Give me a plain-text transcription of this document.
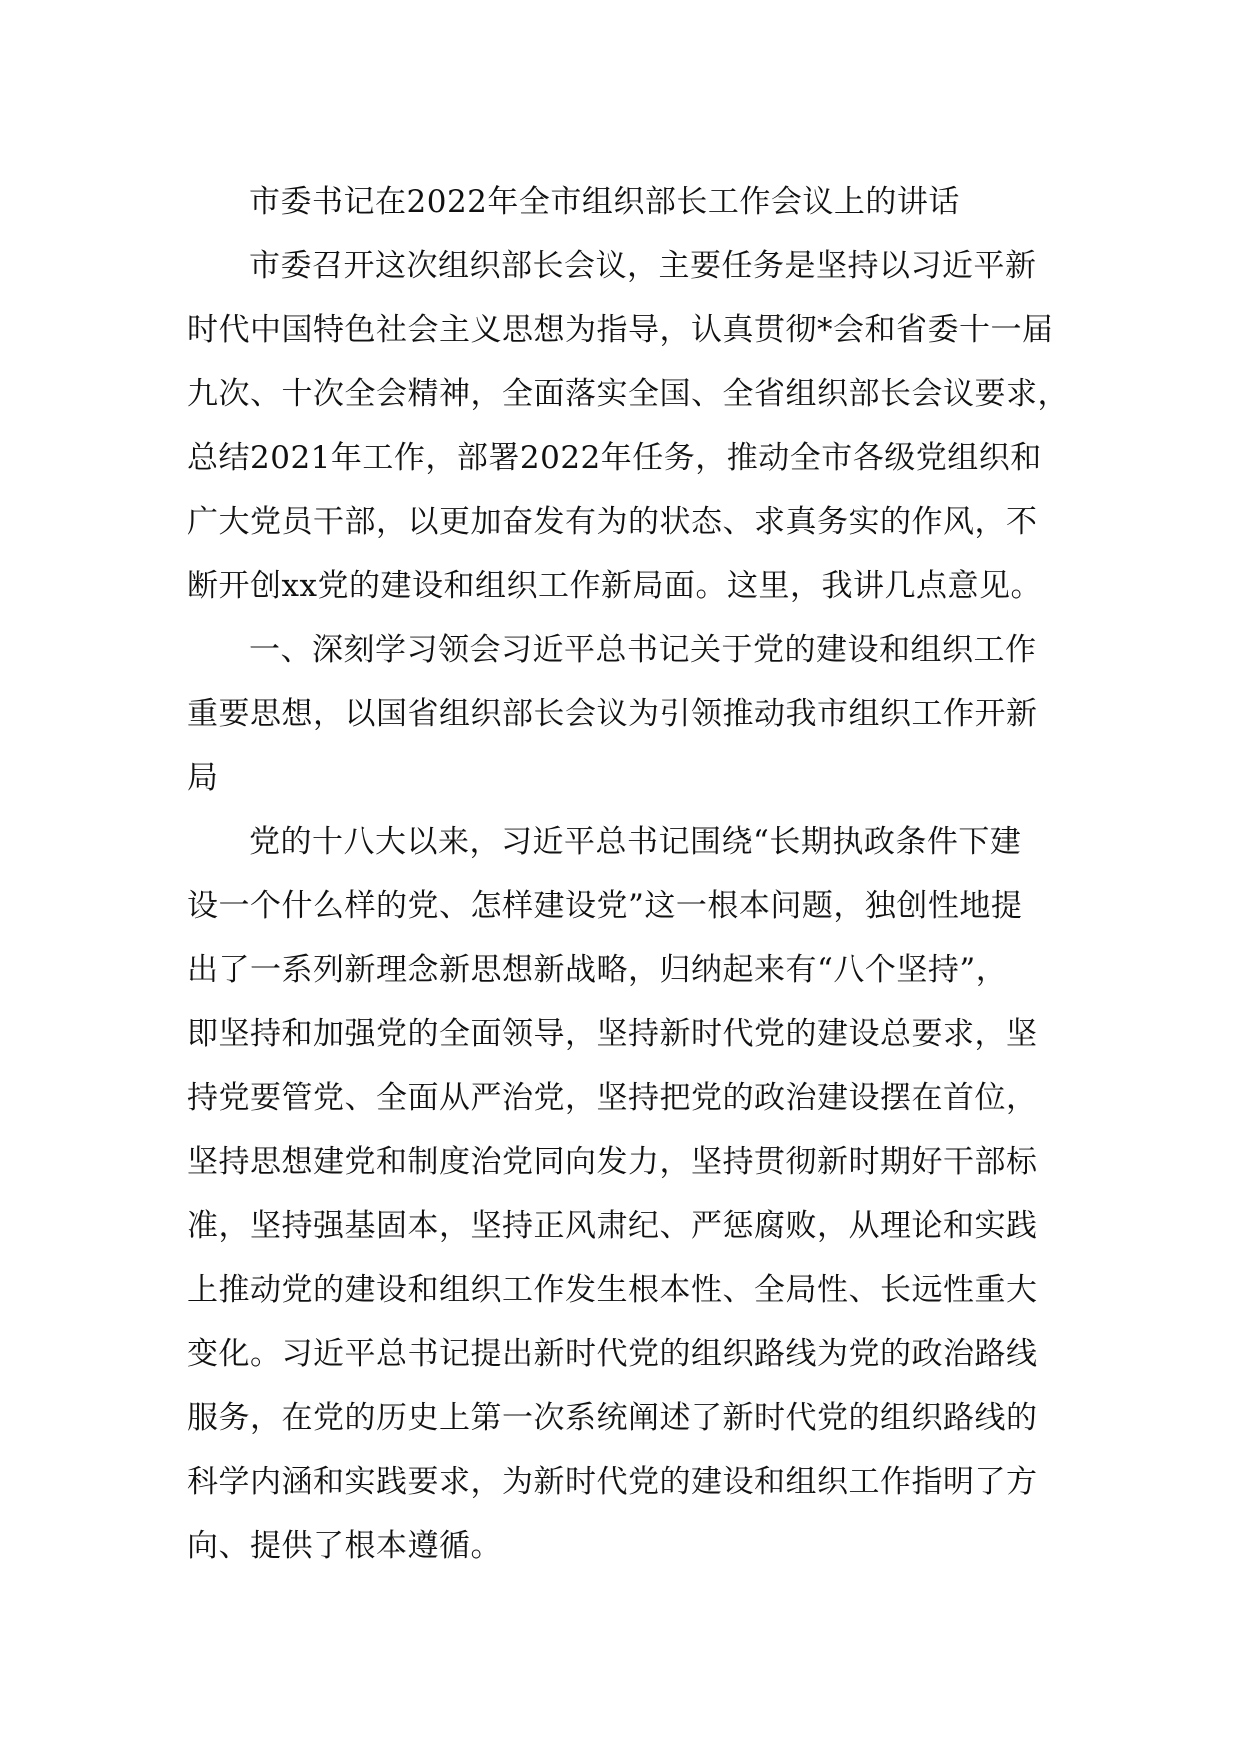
市委书记在2022年全市组织部长工作会议上的讲话
市委召开这次组织部长会议，主要任务是坚持以习近平新
时代中国特色社会主义思想为指导，认真贯彻*会和省委十一届
九次、十次全会精神，全面落实全国、全省组织部长会议要求，
总结2021年工作，部署2022年任务，推动全市各级党组织和
广大党员干部，以更加奋发有为的状态、求真务实的作风，不
断开创xx党的建设和组织工作新局面。这里，我讲几点意见。
一、深刻学习领会习近平总书记关于党的建设和组织工作
重要思想，以国省组织部长会议为引领推动我市组织工作开新
局
党的十八大以来，习近平总书记围绕“长期执政条件下建
设一个什么样的党、怎样建设党”这一根本问题，独创性地提
出了一系列新理念新思想新战略，归纳起来有“八个坚持”，
即坚持和加强党的全面领导，坚持新时代党的建设总要求，坚
持党要管党、全面从严治党，坚持把党的政治建设摆在首位，
坚持思想建党和制度治党同向发力，坚持贯彻新时期好干部标
准，坚持强基固本，坚持正风肃纪、严惩腐败，从理论和实践
上推动党的建设和组织工作发生根本性、全局性、长远性重大
变化。习近平总书记提出新时代党的组织路线为党的政治路线
服务，在党的历史上第一次系统阐述了新时代党的组织路线的
科学内涵和实践要求，为新时代党的建设和组织工作指明了方
向、提供了根本遵循。
